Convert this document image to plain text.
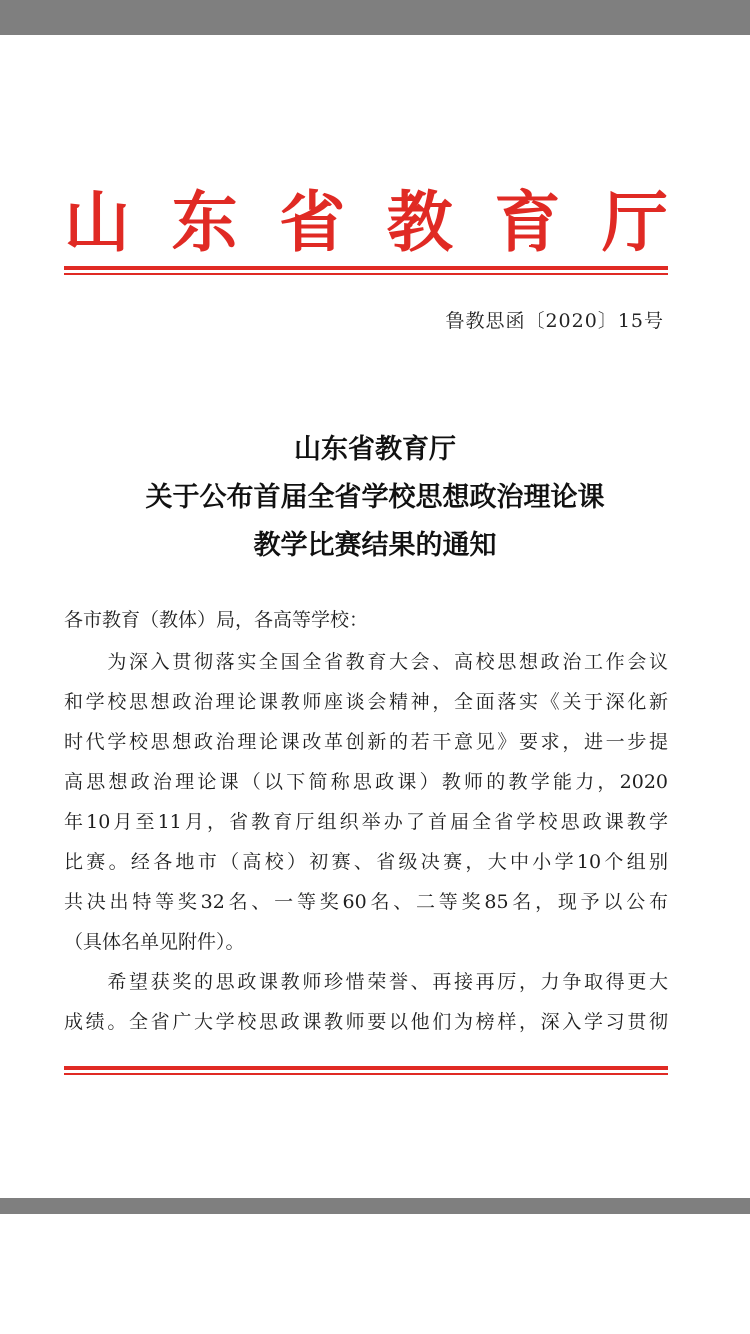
山 东 省 教 育 厅
鲁教思函〔2020〕15号
山东省教育厅
关于公布首届全省学校思想政治理论课
教学比赛结果的通知
各市教育（教体）局，各高等学校：
　　为深入贯彻落实全国全省教育大会、高校思想政治工作会议
和学校思想政治理论课教师座谈会精神，全面落实《关于深化新
时代学校思想政治理论课改革创新的若干意见》要求，进一步提
高思想政治理论课（以下简称思政课）教师的教学能力，2020
年10月至11月，省教育厅组织举办了首届全省学校思政课教学
比赛。经各地市（高校）初赛、省级决赛，大中小学10个组别
共决出特等奖32名、一等奖60名、二等奖85名，现予以公布
（具体名单见附件）。
　　希望获奖的思政课教师珍惜荣誉、再接再厉，力争取得更大
成绩。全省广大学校思政课教师要以他们为榜样，深入学习贯彻
